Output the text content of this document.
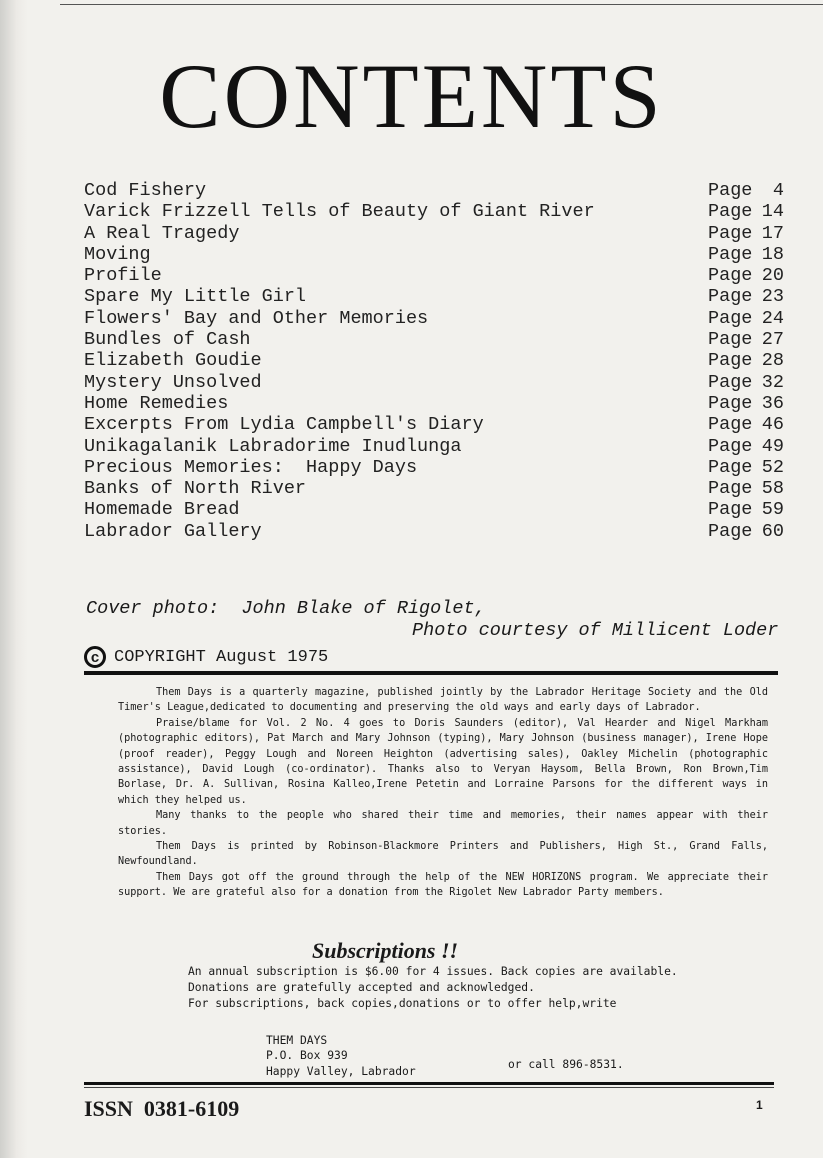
CONTENTS
Cod Fishery	Page 4
Varick Frizzell Tells of Beauty of Giant River	Page 14
A Real Tragedy	Page 17
Moving	Page 18
Profile	Page 20
Spare My Little Girl	Page 23
Flowers' Bay and Other Memories	Page 24
Bundles of Cash	Page 27
Elizabeth Goudie	Page 28
Mystery Unsolved	Page 32
Home Remedies	Page 36
Excerpts From Lydia Campbell's Diary	Page 46
Unikagalanik Labradorime Inudlunga	Page 49
Precious Memories:  Happy Days	Page 52
Banks of North River	Page 58
Homemade Bread	Page 59
Labrador Gallery	Page 60
Cover photo:  John Blake of Rigolet,
Photo courtesy of Millicent Loder
c COPYRIGHT August 1975

Them Days is a quarterly magazine, published jointly by the Labrador Heritage Society and the Old Timer's League,dedicated to documenting and preserving the old ways and early days of Labrador.

Praise/blame for Vol. 2 No. 4 goes to Doris Saunders (editor), Val Hearder and Nigel Markham (photographic editors), Pat March and Mary Johnson (typing), Mary Johnson (business manager), Irene Hope (proof reader), Peggy Lough and Noreen Heighton (advertising sales), Oakley Michelin (photographic assistance), David Lough (co-ordinator). Thanks also to Veryan Haysom, Bella Brown, Ron Brown,Tim Borlase, Dr. A. Sullivan, Rosina Kalleo,Irene Petetin and Lorraine Parsons for the different ways in which they helped us.

Many thanks to the people who shared their time and memories, their names appear with their stories.

Them Days is printed by Robinson-Blackmore Printers and Publishers, High St., Grand Falls, Newfoundland.

Them Days got off the ground through the help of the NEW HORIZONS program. We appreciate their support. We are grateful also for a donation from the Rigolet New Labrador Party members.

Subscriptions !!
An annual subscription is $6.00 for 4 issues. Back copies are available.
Donations are gratefully accepted and acknowledged.
For subscriptions, back copies,donations or to offer help,write
THEM DAYS
P.O. Box 939
Happy Valley, Labrador
or call 896-8531.
ISSN  0381-6109	1
